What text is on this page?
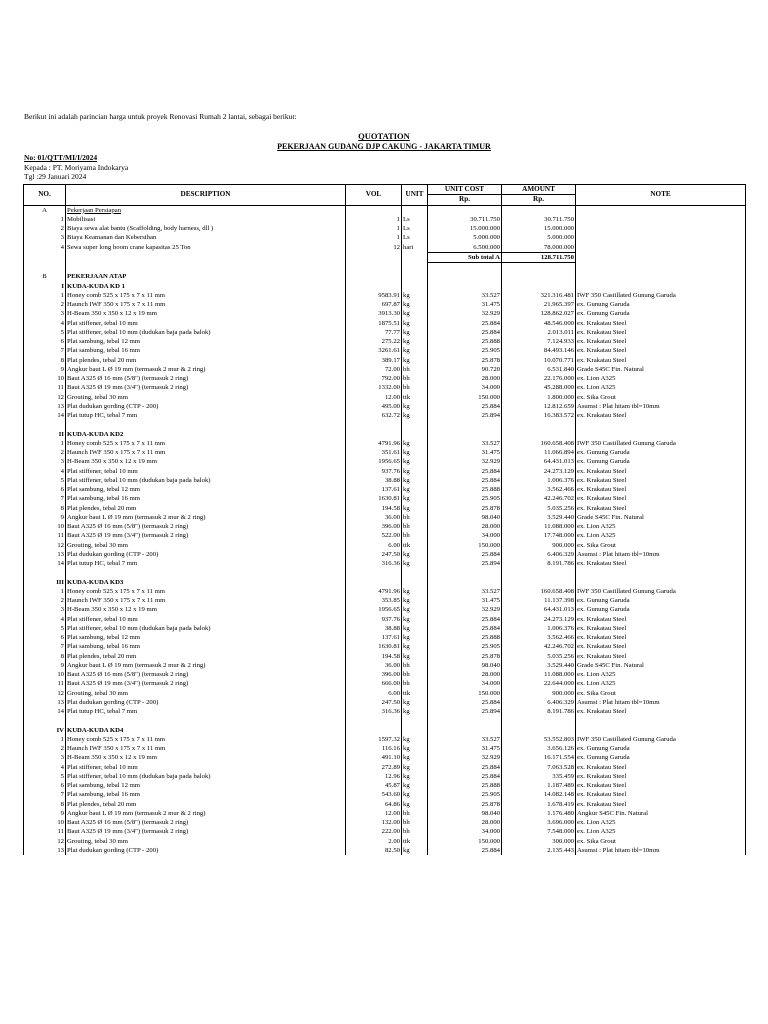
Berikut ini adalah parincian harga untuk proyek Renovasi Rumah 2 lantai, sebagai berikut:
QUOTATION
PEKERJAAN GUDANG DJP CAKUNG - JAKARTA TIMUR
No: 01/QTT/MI/I/2024
Kepada : PT. Moriyama Indokarya
Tgl :29 Januari 2024
NO.	DESCRIPTION	VOL	UNIT	UNIT COST	AMOUNT	NOTE
				Rp.	Rp.	
A	Pekerjaan Persiapan					
1	Mobilisasi	1	Ls	30.711.750	30.711.750	
2	Biaya sewa alat bantu (Scaffolding, body harness, dll )	1	Ls	15.000.000	15.000.000	
3	Biaya Keamanan dan Kebersihan	1	Ls	5.000.000	5.000.000	
4	Sewa super long boom crane kapasitas 25 Ton	12	hari	6.500.000	78.000.000	
				Sub total A	128.711.750	

B	PEKERJAAN ATAP					
I	KUDA-KUDA KD 1					
1	Honey comb 525 x 175 x 7 x 11 mm	9583.91	kg	33.527	321.316.481	IWF 350 Castillated Gunung Garuda
2	Haunch IWF 350 x 175 x 7 x 11 mm	697.87	kg	31.475	21.965.397	ex. Gunung Garuda
3	H-Beam 350 x 350 x 12 x 19 mm	3913.30	kg	32.929	128.862.027	ex. Gunung Garuda
4	Plat stiffener, tebal 10 mm	1875.51	kg	25.884	48.546.000	ex. Krakatau Steel
5	Plat stiffener, tebal 10 mm (dudukan baja pada balok)	77.77	kg	25.884	2.013.011	ex. Krakatau Steel
6	Plat sambung, tebal 12 mm	275.22	kg	25.888	7.124.933	ex. Krakatau Steel
7	Plat sambung, tebal 16 mm	3261.61	kg	25.905	84.493.146	ex. Krakatau Steel
8	Plat plendes, tebal 20 mm	389.17	kg	25.878	10.070.771	ex. Krakatau Steel
9	Angkur baut L Ø 19 mm (termasuk 2 mur & 2 ring)	72.00	bh	90.720	6.531.840	Grade S45C Fin. Natural
10	Baut A325 Ø 16 mm (5/8") (termasuk 2 ring)	792.00	bh	28.000	22.176.000	ex. Lion A325
11	Baut A325 Ø 19 mm (3/4") (termasuk 2 ring)	1332.00	bh	34.000	45.288.000	ex. Lion A325
12	Grouting, tebal 30 mm	12.00	ttk	150.000	1.800.000	ex. Sika Grout
13	Plat dudukan gording (CTP - 200)	495.00	kg	25.884	12.812.659	Asumsi : Plat hitam tbl=10mm
14	Plat tutup HC, tebal 7 mm	632.72	kg	25.894	16.383.572	ex. Krakatau Steel

II	KUDA-KUDA KD2					
1	Honey comb 525 x 175 x 7 x 11 mm	4791.96	kg	33.527	160.658.408	IWF 350 Castillated Gunung Garuda
2	Haunch IWF 350 x 175 x 7 x 11 mm	351.61	kg	31.475	11.066.894	ex. Gunung Garuda
3	H-Beam 350 x 350 x 12 x 19 mm	1956.65	kg	32.929	64.431.013	ex. Gunung Garuda
4	Plat stiffener, tebal 10 mm	937.76	kg	25.884	24.273.129	ex. Krakatau Steel
5	Plat stiffener, tebal 10 mm (dudukan baja pada balok)	38.88	kg	25.884	1.006.376	ex. Krakatau Steel
6	Plat sambung, tebal 12 mm	137.61	kg	25.888	3.562.466	ex. Krakatau Steel
7	Plat sambung, tebal 16 mm	1630.81	kg	25.905	42.246.702	ex. Krakatau Steel
8	Plat plendes, tebal 20 mm	194.58	kg	25.878	5.035.256	ex. Krakatau Steel
9	Angkur baut L Ø 19 mm (termasuk 2 mur & 2 ring)	36.00	bh	98.040	3.529.440	Grade S45C Fin. Natural
10	Baut A325 Ø 16 mm (5/8") (termasuk 2 ring)	396.00	bh	28.000	11.088.000	ex. Lion A325
11	Baut A325 Ø 19 mm (3/4") (termasuk 2 ring)	522.00	bh	34.000	17.748.000	ex. Lion A325
12	Grouting, tebal 30 mm	6.00	ttk	150.000	900.000	ex. Sika Grout
13	Plat dudukan gording (CTP - 200)	247.50	kg	25.884	6.406.329	Asumsi : Plat hitam tbl=10mm
14	Plat tutup HC, tebal 7 mm	316.36	kg	25.894	8.191.786	ex. Krakatau Steel

III	KUDA-KUDA KD3					
1	Honey comb 525 x 175 x 7 x 11 mm	4791.96	kg	33.527	160.658.408	IWF 350 Castillated Gunung Garuda
2	Haunch IWF 350 x 175 x 7 x 11 mm	353.85	kg	31.475	11.137.398	ex. Gunung Garuda
3	H-Beam 350 x 350 x 12 x 19 mm	1956.65	kg	32.929	64.431.013	ex. Gunung Garuda
4	Plat stiffener, tebal 10 mm	937.76	kg	25.884	24.273.129	ex. Krakatau Steel
5	Plat stiffener, tebal 10 mm (dudukan baja pada balok)	38.88	kg	25.884	1.006.376	ex. Krakatau Steel
6	Plat sambung, tebal 12 mm	137.61	kg	25.888	3.562.466	ex. Krakatau Steel
7	Plat sambung, tebal 16 mm	1630.81	kg	25.905	42.246.702	ex. Krakatau Steel
8	Plat plendes, tebal 20 mm	194.58	kg	25.878	5.035.256	ex. Krakatau Steel
9	Angkur baut L Ø 19 mm (termasuk 2 mur & 2 ring)	36.00	bh	98.040	3.529.440	Grade S45C Fin. Natural
10	Baut A325 Ø 16 mm (5/8") (termasuk 2 ring)	396.00	bh	28.000	11.088.000	ex. Lion A325
11	Baut A325 Ø 19 mm (3/4") (termasuk 2 ring)	666.00	bh	34.000	22.644.000	ex. Lion A325
12	Grouting, tebal 30 mm	6.00	ttk	150.000	900.000	ex. Sika Grout
13	Plat dudukan gording (CTP - 200)	247.50	kg	25.884	6.406.329	Asumsi : Plat hitam tbl=10mm
14	Plat tutup HC, tebal 7 mm	316.36	kg	25.894	8.191.786	ex. Krakatau Steel

IV	KUDA-KUDA KD4					
1	Honey comb 525 x 175 x 7 x 11 mm	1597.32	kg	33.527	53.552.803	IWF 350 Castillated Gunung Garuda
2	Haunch IWF 350 x 175 x 7 x 11 mm	116.16	kg	31.475	3.656.126	ex. Gunung Garuda
3	H-Beam 350 x 350 x 12 x 19 mm	491.10	kg	32.929	16.171.554	ex. Gunung Garuda
4	Plat stiffener, tebal 10 mm	272.89	kg	25.884	7.063.528	ex. Krakatau Steel
5	Plat stiffener, tebal 10 mm (dudukan baja pada balok)	12.96	kg	25.884	335.459	ex. Krakatau Steel
6	Plat sambung, tebal 12 mm	45.87	kg	25.888	1.187.489	ex. Krakatau Steel
7	Plat sambung, tebal 16 mm	543.60	kg	25.905	14.082.148	ex. Krakatau Steel
8	Plat plendes, tebal 20 mm	64.86	kg	25.878	1.678.419	ex. Krakatau Steel
9	Angkur baut L Ø 19 mm (termasuk 2 mur & 2 ring)	12.00	bh	98.040	1.176.480	Angkur S45C Fin. Natural
10	Baut A325 Ø 16 mm (5/8") (termasuk 2 ring)	132.00	bh	28.000	3.696.000	ex. Lion A325
11	Baut A325 Ø 19 mm (3/4") (termasuk 2 ring)	222.00	bh	34.000	7.548.000	ex. Lion A325
12	Grouting, tebal 30 mm	2.00	ttk	150.000	300.000	ex. Sika Grout
13	Plat dudukan gording (CTP - 200)	82.50	kg	25.884	2.135.443	Asumsi : Plat hitam tbl=10mm
